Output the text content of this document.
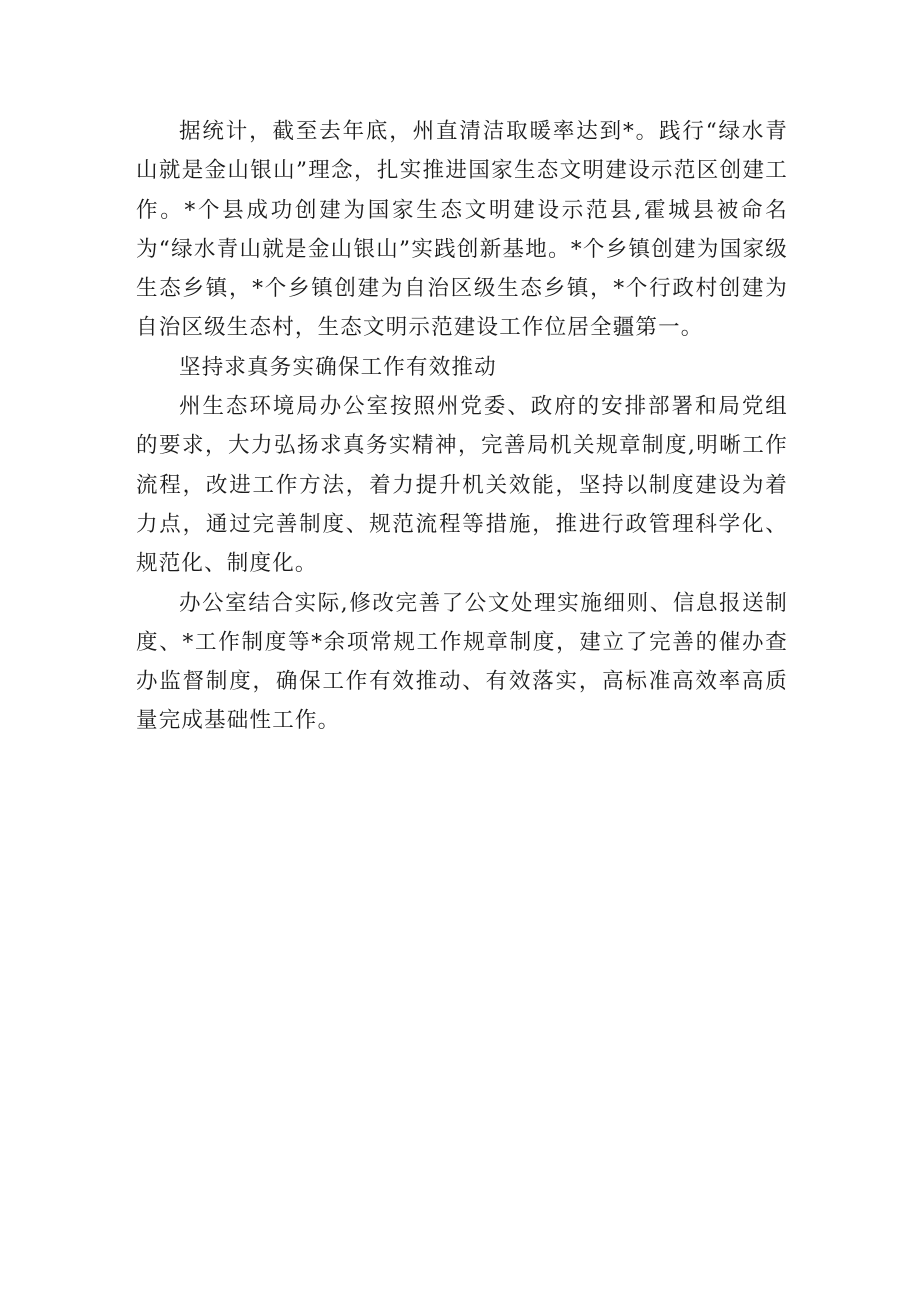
据统计，截至去年底，州直清洁取暖率达到*。践行“绿水青山就是金山银山”理念，扎实推进国家生态文明建设示范区创建工作。*个县成功创建为国家生态文明建设示范县,霍城县被命名为“绿水青山就是金山银山”实践创新基地。*个乡镇创建为国家级生态乡镇，*个乡镇创建为自治区级生态乡镇，*个行政村创建为自治区级生态村，生态文明示范建设工作位居全疆第一。

坚持求真务实确保工作有效推动

州生态环境局办公室按照州党委、政府的安排部署和局党组的要求，大力弘扬求真务实精神，完善局机关规章制度,明晰工作流程，改进工作方法，着力提升机关效能，坚持以制度建设为着力点，通过完善制度、规范流程等措施，推进行政管理科学化、规范化、制度化。

办公室结合实际,修改完善了公文处理实施细则、信息报送制度、*工作制度等*余项常规工作规章制度，建立了完善的催办查办监督制度，确保工作有效推动、有效落实，高标准高效率高质量完成基础性工作。
